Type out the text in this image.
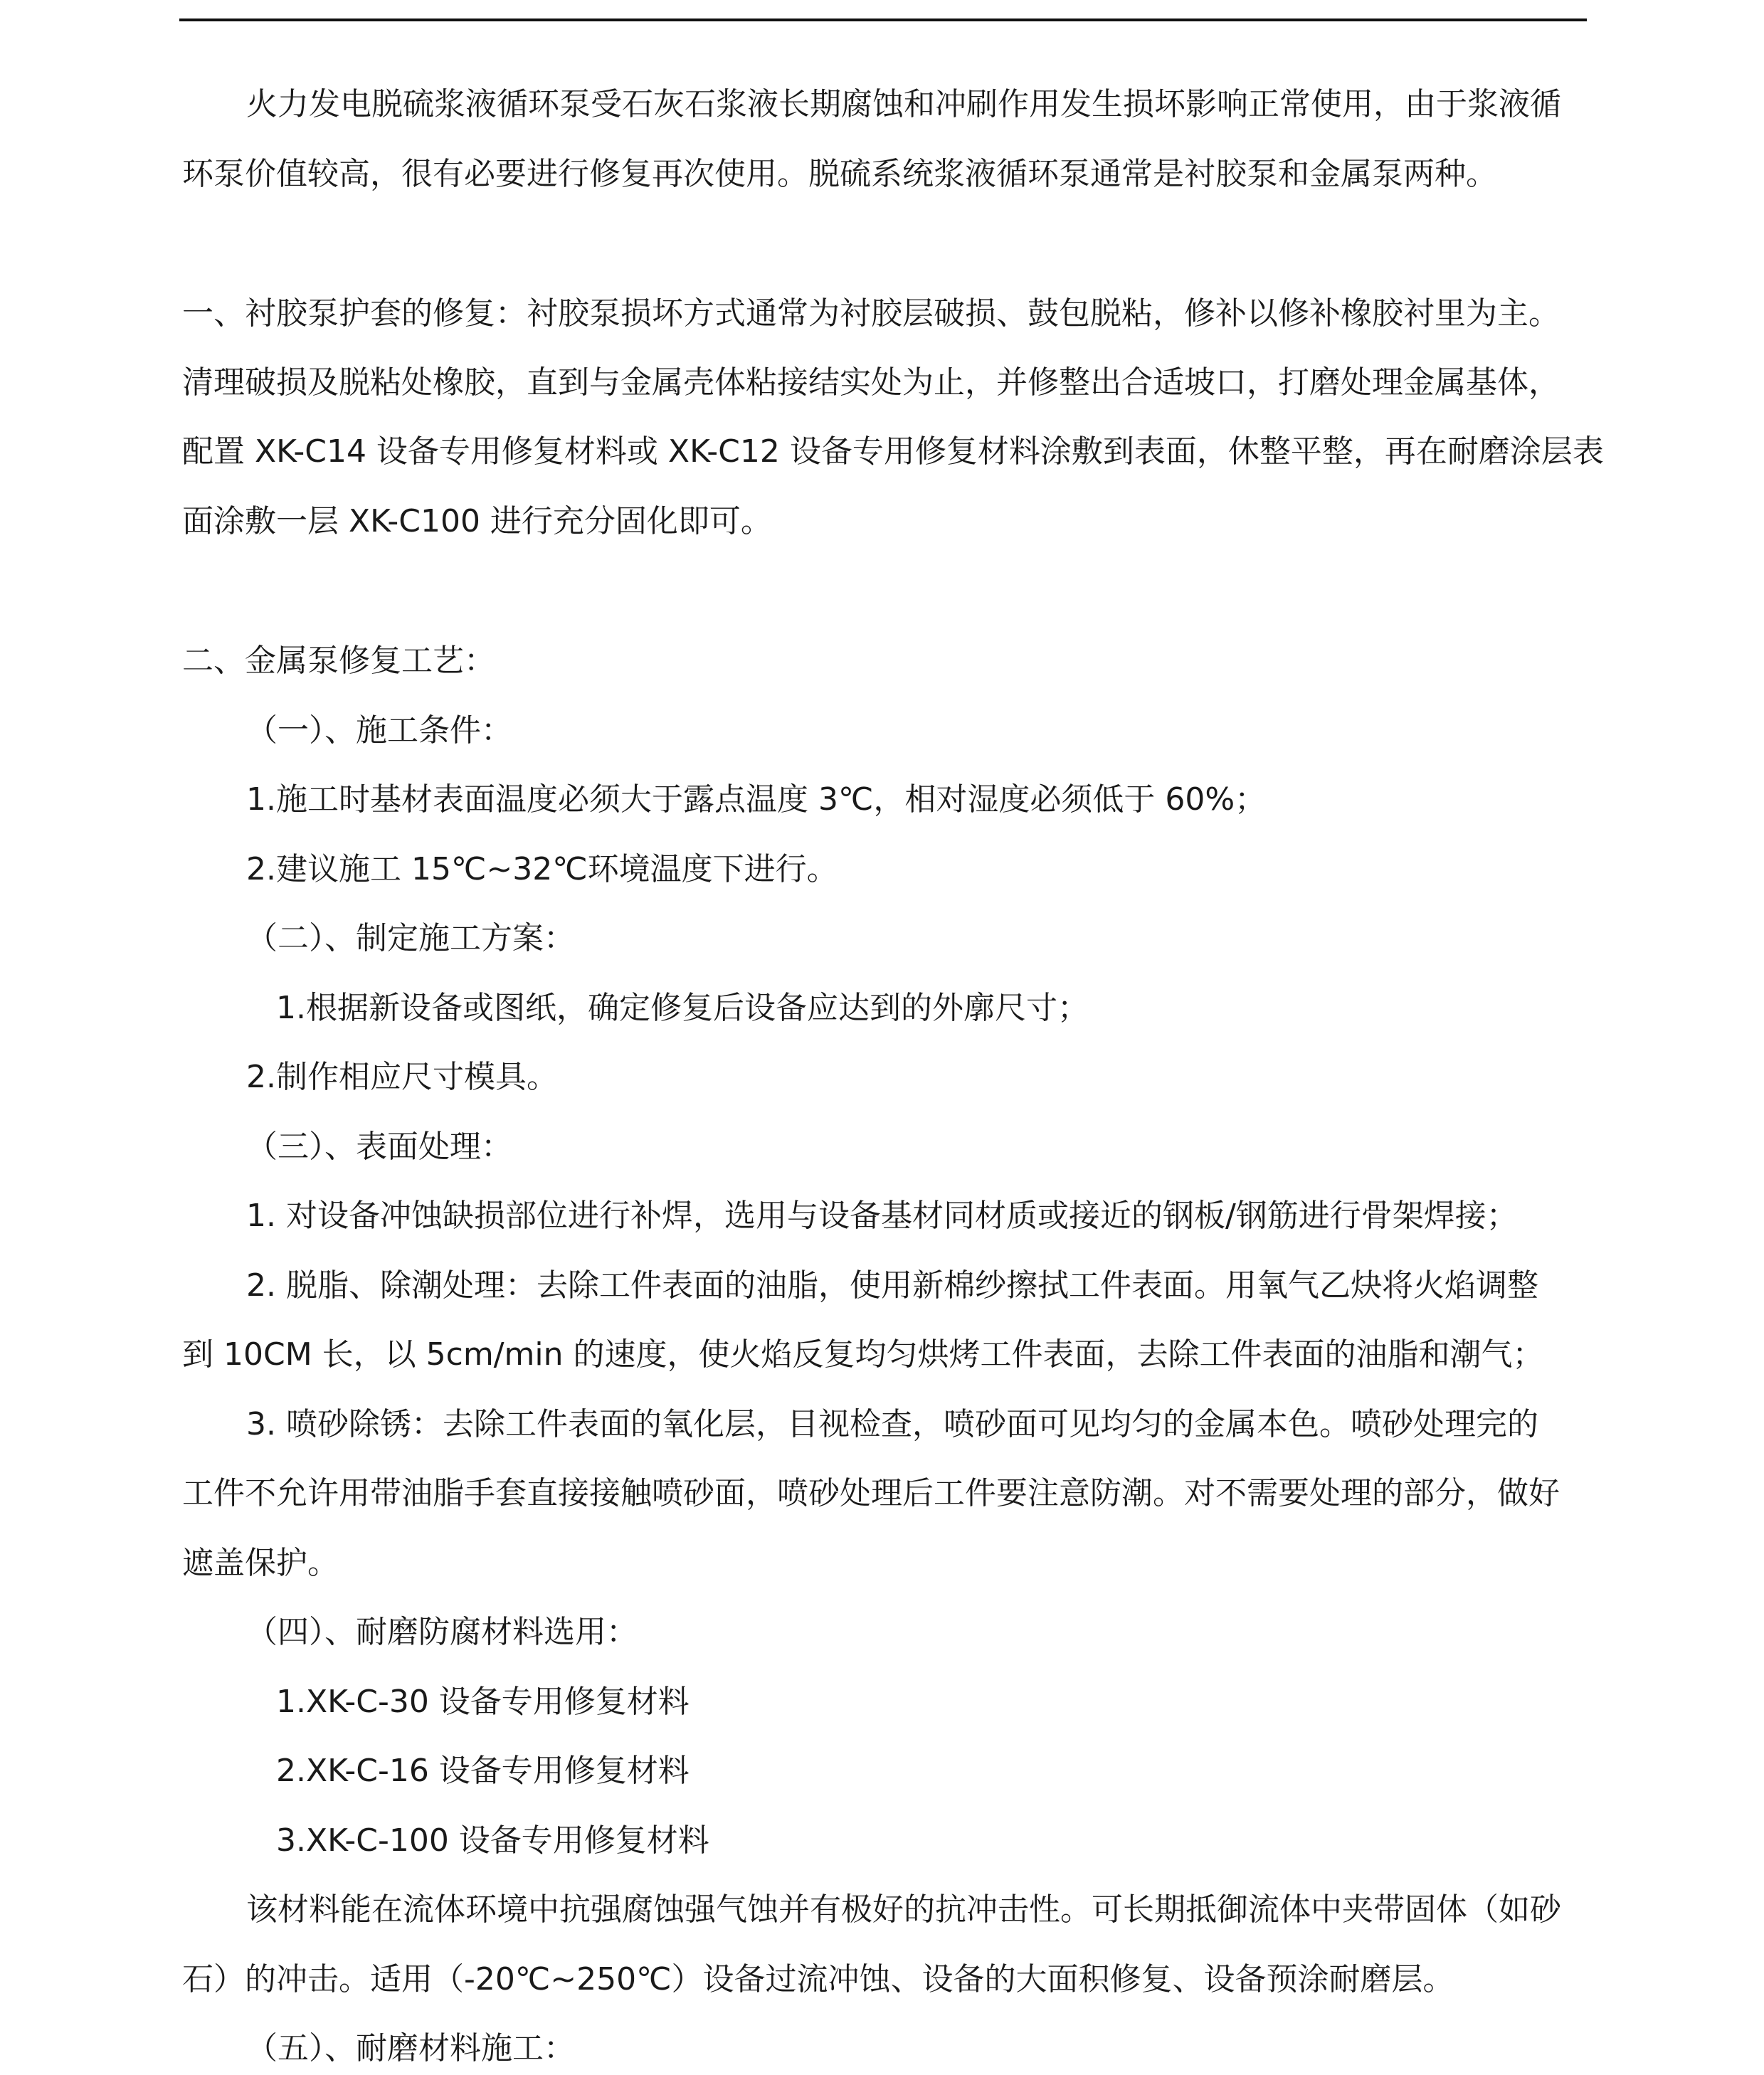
火力发电脱硫浆液循环泵受石灰石浆液长期腐蚀和冲刷作用发生损坏影响正常使用，由于浆液循
环泵价值较高，很有必要进行修复再次使用。脱硫系统浆液循环泵通常是衬胶泵和金属泵两种。
一、衬胶泵护套的修复：衬胶泵损坏方式通常为衬胶层破损、鼓包脱粘，修补以修补橡胶衬里为主。
清理破损及脱粘处橡胶，直到与金属壳体粘接结实处为止，并修整出合适坡口，打磨处理金属基体，
配置 XK-C14 设备专用修复材料或 XK-C12 设备专用修复材料涂敷到表面，休整平整，再在耐磨涂层表
面涂敷一层 XK-C100 进行充分固化即可。
二、金属泵修复工艺：
（一）、施工条件：
1.施工时基材表面温度必须大于露点温度 3℃，相对湿度必须低于 60%；
2.建议施工 15℃~32℃环境温度下进行。
（二）、制定施工方案：
1.根据新设备或图纸，确定修复后设备应达到的外廓尺寸；
2.制作相应尺寸模具。
（三）、表面处理：
1. 对设备冲蚀缺损部位进行补焊，选用与设备基材同材质或接近的钢板/钢筋进行骨架焊接；
2. 脱脂、除潮处理：去除工件表面的油脂，使用新棉纱擦拭工件表面。用氧气乙炔将火焰调整
到 10CM 长，以 5cm/min 的速度，使火焰反复均匀烘烤工件表面，去除工件表面的油脂和潮气；
3. 喷砂除锈：去除工件表面的氧化层，目视检查，喷砂面可见均匀的金属本色。喷砂处理完的
工件不允许用带油脂手套直接接触喷砂面，喷砂处理后工件要注意防潮。对不需要处理的部分，做好
遮盖保护。
（四）、耐磨防腐材料选用：
1.XK-C-30 设备专用修复材料
2.XK-C-16 设备专用修复材料
3.XK-C-100 设备专用修复材料
该材料能在流体环境中抗强腐蚀强气蚀并有极好的抗冲击性。可长期抵御流体中夹带固体（如砂
石）的冲击。适用（-20℃~250℃）设备过流冲蚀、设备的大面积修复、设备预涂耐磨层。
（五）、耐磨材料施工：
